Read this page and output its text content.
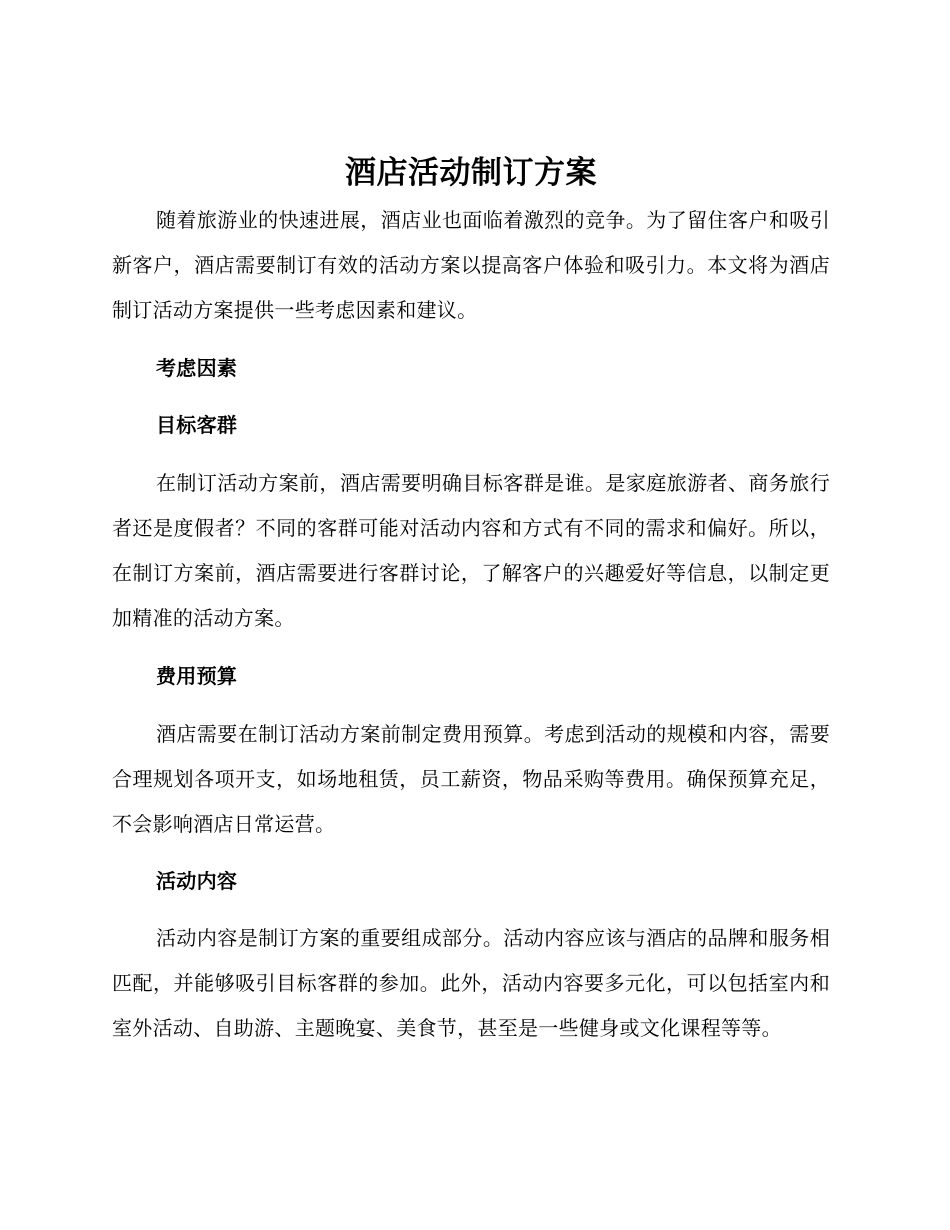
酒店活动制订方案

随着旅游业的快速进展，酒店业也面临着激烈的竞争。为了留住客户和吸引新客户，酒店需要制订有效的活动方案以提高客户体验和吸引力。本文将为酒店制订活动方案提供一些考虑因素和建议。

考虑因素
目标客群

在制订活动方案前，酒店需要明确目标客群是谁。是家庭旅游者、商务旅行者还是度假者？不同的客群可能对活动内容和方式有不同的需求和偏好。所以，在制订方案前，酒店需要进行客群讨论，了解客户的兴趣爱好等信息，以制定更加精准的活动方案。

费用预算

酒店需要在制订活动方案前制定费用预算。考虑到活动的规模和内容，需要合理规划各项开支，如场地租赁，员工薪资，物品采购等费用。确保预算充足，不会影响酒店日常运营。

活动内容

活动内容是制订方案的重要组成部分。活动内容应该与酒店的品牌和服务相匹配，并能够吸引目标客群的参加。此外，活动内容要多元化，可以包括室内和室外活动、自助游、主题晚宴、美食节，甚至是一些健身或文化课程等等。
